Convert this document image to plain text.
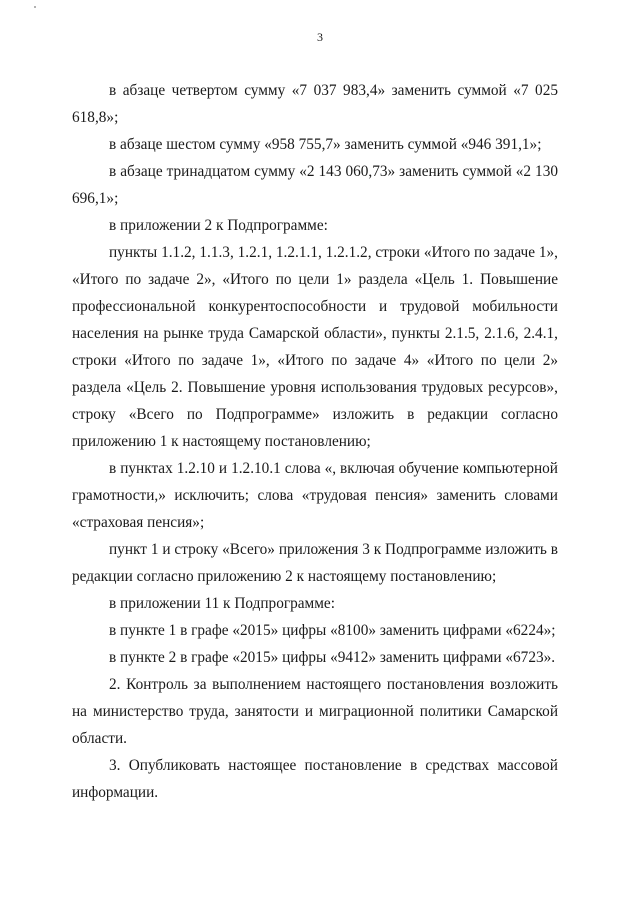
3

в абзаце четвертом сумму «7 037 983,4» заменить суммой «7 025 618,8»;

в абзаце шестом сумму «958 755,7» заменить суммой «946 391,1»;

в абзаце тринадцатом сумму «2 143 060,73» заменить суммой «2 130 696,1»;

в приложении 2 к Подпрограмме:

пункты 1.1.2, 1.1.3, 1.2.1, 1.2.1.1, 1.2.1.2, строки «Итого по задаче 1», «Итого по задаче 2», «Итого по цели 1» раздела «Цель 1. Повышение профессиональной конкурентоспособности и трудовой мобильности населения на рынке труда Самарской области», пункты 2.1.5, 2.1.6, 2.4.1, строки «Итого по задаче 1», «Итого по задаче 4» «Итого по цели 2» раздела «Цель 2. Повышение уровня использования трудовых ресурсов», строку «Всего по Подпрограмме» изложить в редакции согласно приложению 1 к настоящему постановлению;

в пунктах 1.2.10 и 1.2.10.1 слова «, включая обучение компьютерной грамотности,» исключить; слова «трудовая пенсия» заменить словами «страховая пенсия»;

пункт 1 и строку «Всего» приложения 3 к Подпрограмме изложить в редакции согласно приложению 2 к настоящему постановлению;

в приложении 11 к Подпрограмме:

в пункте 1 в графе «2015» цифры «8100» заменить цифрами «6224»;

в пункте 2 в графе «2015» цифры «9412» заменить цифрами «6723».

2. Контроль за выполнением настоящего постановления возложить на министерство труда, занятости и миграционной политики Самарской области.

3. Опубликовать настоящее постановление в средствах массовой информации.
